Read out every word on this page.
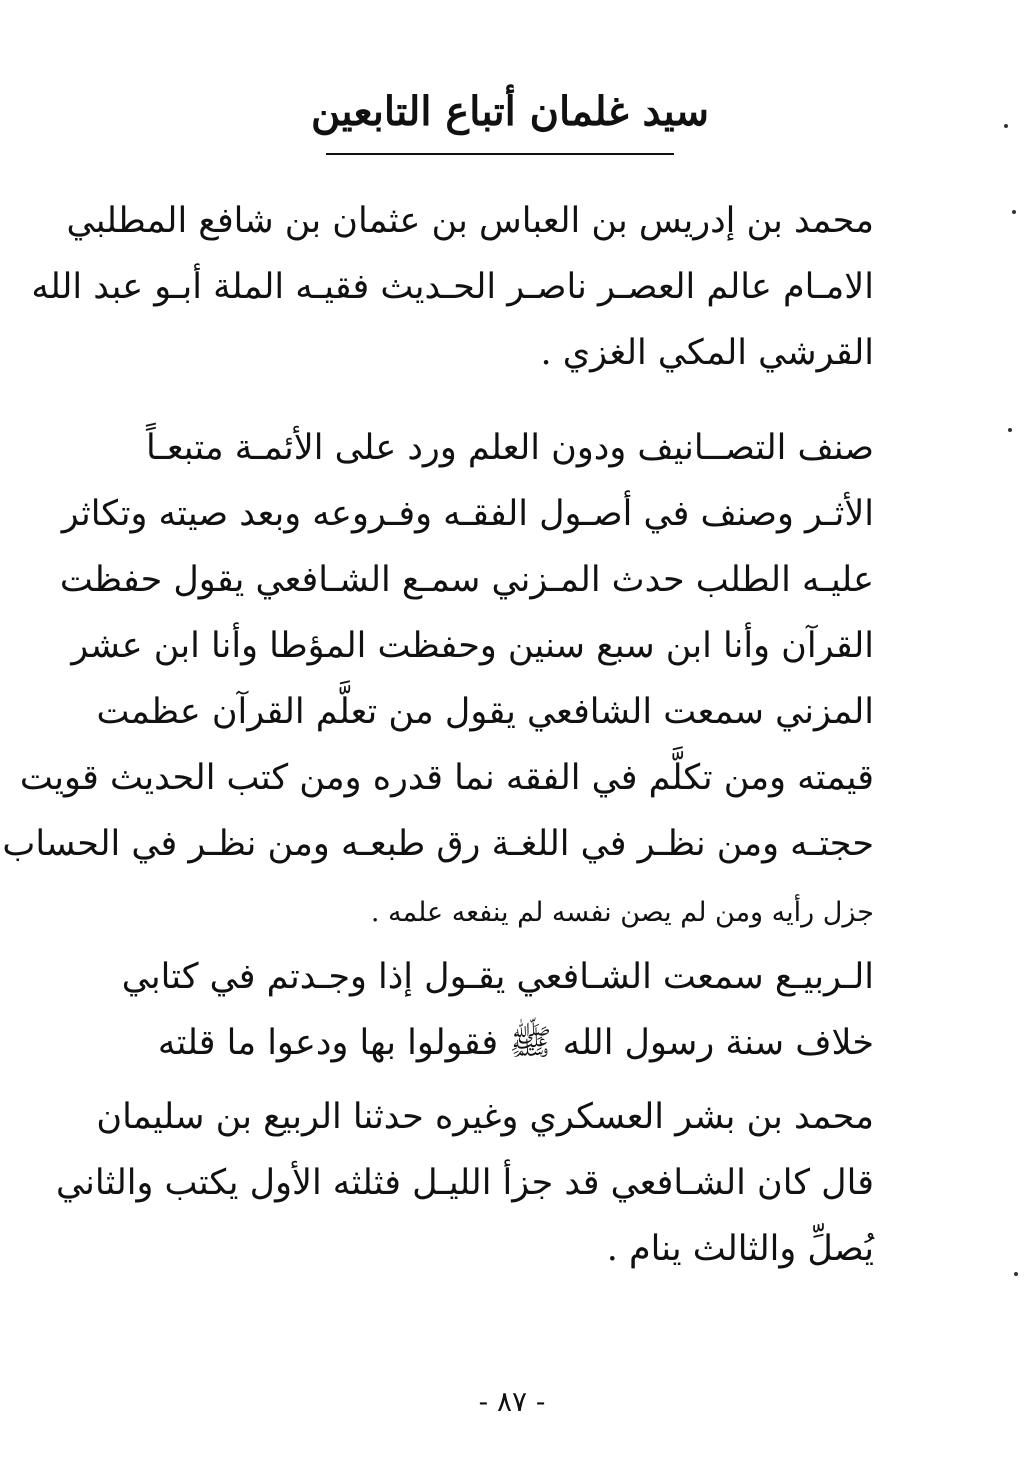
سيد غلمان أتباع التابعين
محمد بن إدريس بن العباس بن عثمان بن شافع المطلبي
الامـام عالم العصـر ناصـر الحـديث فقيـه الملة أبـو عبد الله
القرشي المكي الغزي .
صنف التصــانيف ودون العلم ورد على الأئمـة متبعـاً
الأثـر وصنف في أصـول الفقـه وفـروعه وبعد صيته وتكاثر
عليـه الطلب حدث المـزني سمـع الشـافعي يقول حفظت
القرآن وأنا ابن سبع سنين وحفظت المؤطا وأنا ابن عشر
المزني سمعت الشافعي يقول من تعلَّم القرآن عظمت
قيمته ومن تكلَّم في الفقه نما قدره ومن كتب الحديث قويت
حجتـه ومن نظـر في اللغـة رق طبعـه ومن نظـر في الحساب
جزل رأيه ومن لم يصن نفسه لم ينفعه علمه .
الـربيـع سمعت الشـافعي يقـول إذا وجـدتم في كتابي
خلاف سنة رسول الله ﷺ فقولوا بها ودعوا ما قلته
محمد بن بشر العسكري وغيره حدثنا الربيع بن سليمان
قال كان الشـافعي قد جزأ الليـل فثلثه الأول يكتب والثاني
يُصلِّ والثالث ينام .
- ٨٧ -
